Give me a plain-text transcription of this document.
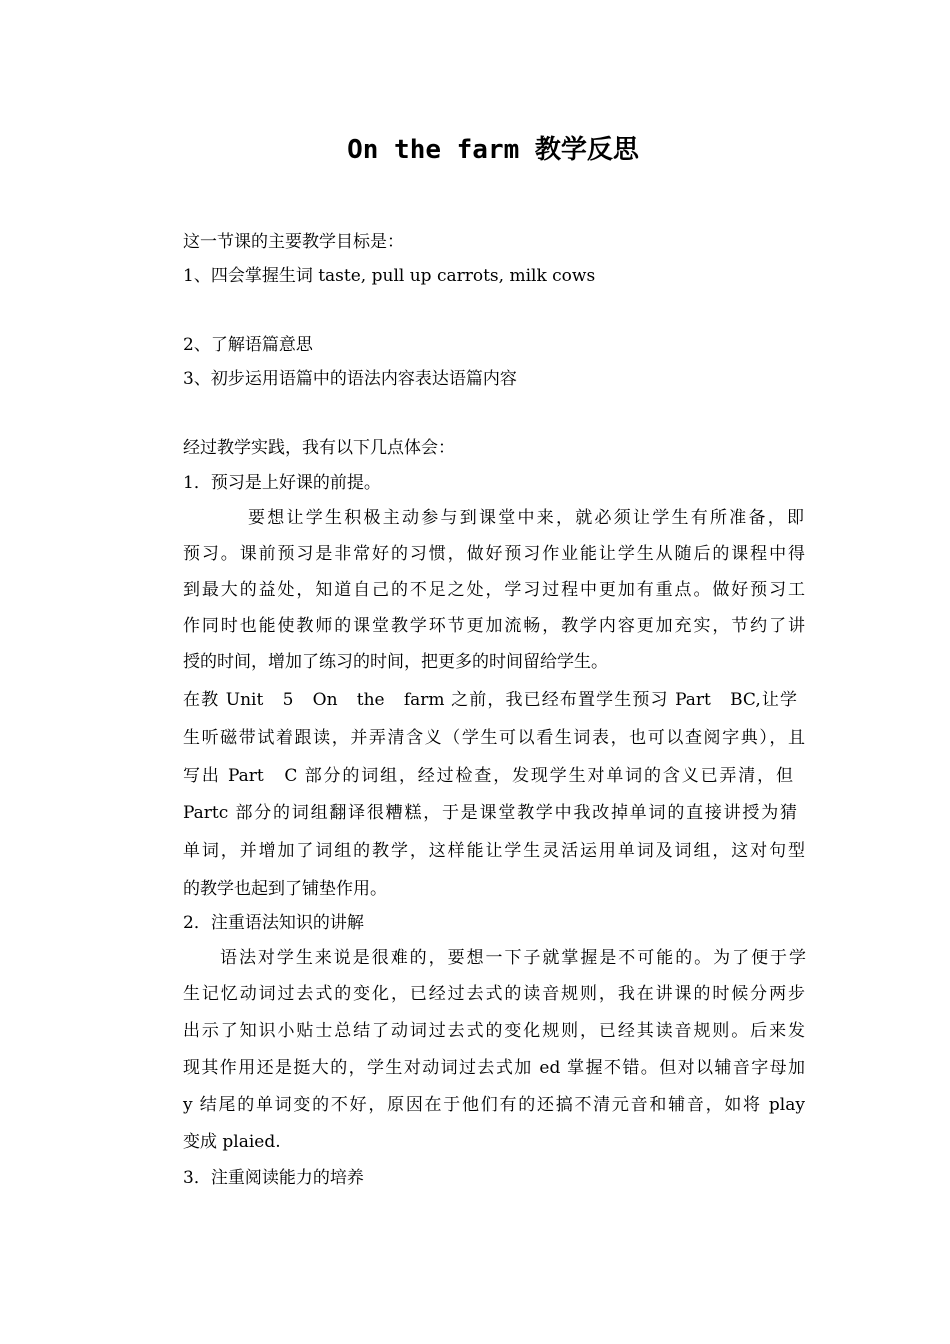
On the farm 教学反思
这一节课的主要教学目标是：
1、四会掌握生词 taste, pull up carrots, milk cows
2、了解语篇意思
3、初步运用语篇中的语法内容表达语篇内容
经过教学实践，我有以下几点体会：
1．预习是上好课的前提。
要想让学生积极主动参与到课堂中来，就必须让学生有所准备，即
预习。课前预习是非常好的习惯，做好预习作业能让学生从随后的课程中得
到最大的益处，知道自己的不足之处，学习过程中更加有重点。做好预习工
作同时也能使教师的课堂教学环节更加流畅，教学内容更加充实，节约了讲
授的时间，增加了练习的时间，把更多的时间留给学生。
在教 Unit　5　On　the　farm 之前，我已经布置学生预习 Part　BC,让学
生听磁带试着跟读，并弄清含义（学生可以看生词表，也可以查阅字典），且
写出 Part　C 部分的词组，经过检查，发现学生对单词的含义已弄清，但
Partc 部分的词组翻译很糟糕，于是课堂教学中我改掉单词的直接讲授为猜
单词，并增加了词组的教学，这样能让学生灵活运用单词及词组，这对句型
的教学也起到了铺垫作用。
2．注重语法知识的讲解
语法对学生来说是很难的，要想一下子就掌握是不可能的。为了便于学
生记忆动词过去式的变化，已经过去式的读音规则，我在讲课的时候分两步
出示了知识小贴士总结了动词过去式的变化规则，已经其读音规则。后来发
现其作用还是挺大的，学生对动词过去式加 ed 掌握不错。但对以辅音字母加
y 结尾的单词变的不好，原因在于他们有的还搞不清元音和辅音，如将 play
变成 plaied.
3．注重阅读能力的培养
